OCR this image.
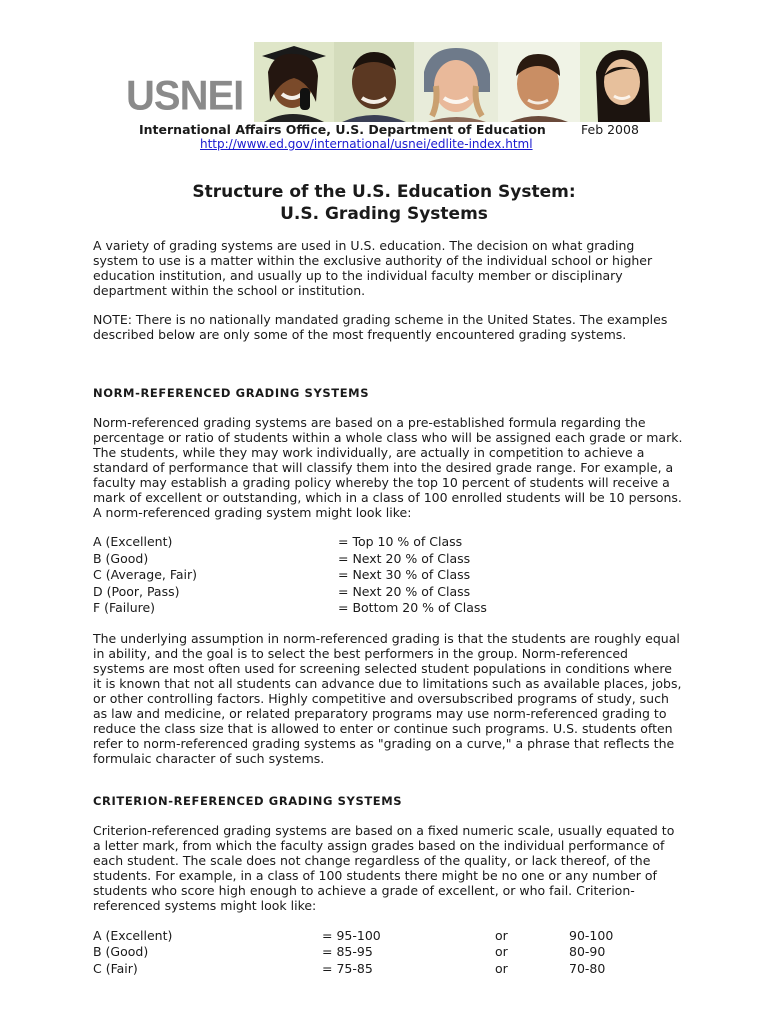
USNEI
International Affairs Office, U.S. Department of Education	Feb 2008
http://www.ed.gov/international/usnei/edlite-index.html
Structure of the U.S. Education System:
U.S. Grading Systems

A variety of grading systems are used in U.S. education. The decision on what grading system to use is a matter within the exclusive authority of the individual school or higher education institution, and usually up to the individual faculty member or disciplinary department within the school or institution.

NOTE: There is no nationally mandated grading scheme in the United States. The examples described below are only some of the most frequently encountered grading systems.

NORM-REFERENCED GRADING SYSTEMS

Norm-referenced grading systems are based on a pre-established formula regarding the percentage or ratio of students within a whole class who will be assigned each grade or mark. The students, while they may work individually, are actually in competition to achieve a standard of performance that will classify them into the desired grade range. For example, a faculty may establish a grading policy whereby the top 10 percent of students will receive a mark of excellent or outstanding, which in a class of 100 enrolled students will be 10 persons. A norm-referenced grading system might look like:

A (Excellent)	= Top 10 % of Class
B (Good)	= Next 20 % of Class
C (Average, Fair)	= Next 30 % of Class
D (Poor, Pass)	= Next 20 % of Class
F (Failure)	= Bottom 20 % of Class

The underlying assumption in norm-referenced grading is that the students are roughly equal in ability, and the goal is to select the best performers in the group. Norm-referenced systems are most often used for screening selected student populations in conditions where it is known that not all students can advance due to limitations such as available places, jobs, or other controlling factors. Highly competitive and oversubscribed programs of study, such as law and medicine, or related preparatory programs may use norm-referenced grading to reduce the class size that is allowed to enter or continue such programs. U.S. students often refer to norm-referenced grading systems as "grading on a curve," a phrase that reflects the formulaic character of such systems.

CRITERION-REFERENCED GRADING SYSTEMS

Criterion-referenced grading systems are based on a fixed numeric scale, usually equated to a letter mark, from which the faculty assign grades based on the individual performance of each student. The scale does not change regardless of the quality, or lack thereof, of the students. For example, in a class of 100 students there might be no one or any number of students who score high enough to achieve a grade of excellent, or who fail. Criterion-referenced systems might look like:

A (Excellent)	= 95-100	or	90-100
B (Good)	= 85-95	or	80-90
C (Fair)	= 75-85	or	70-80
